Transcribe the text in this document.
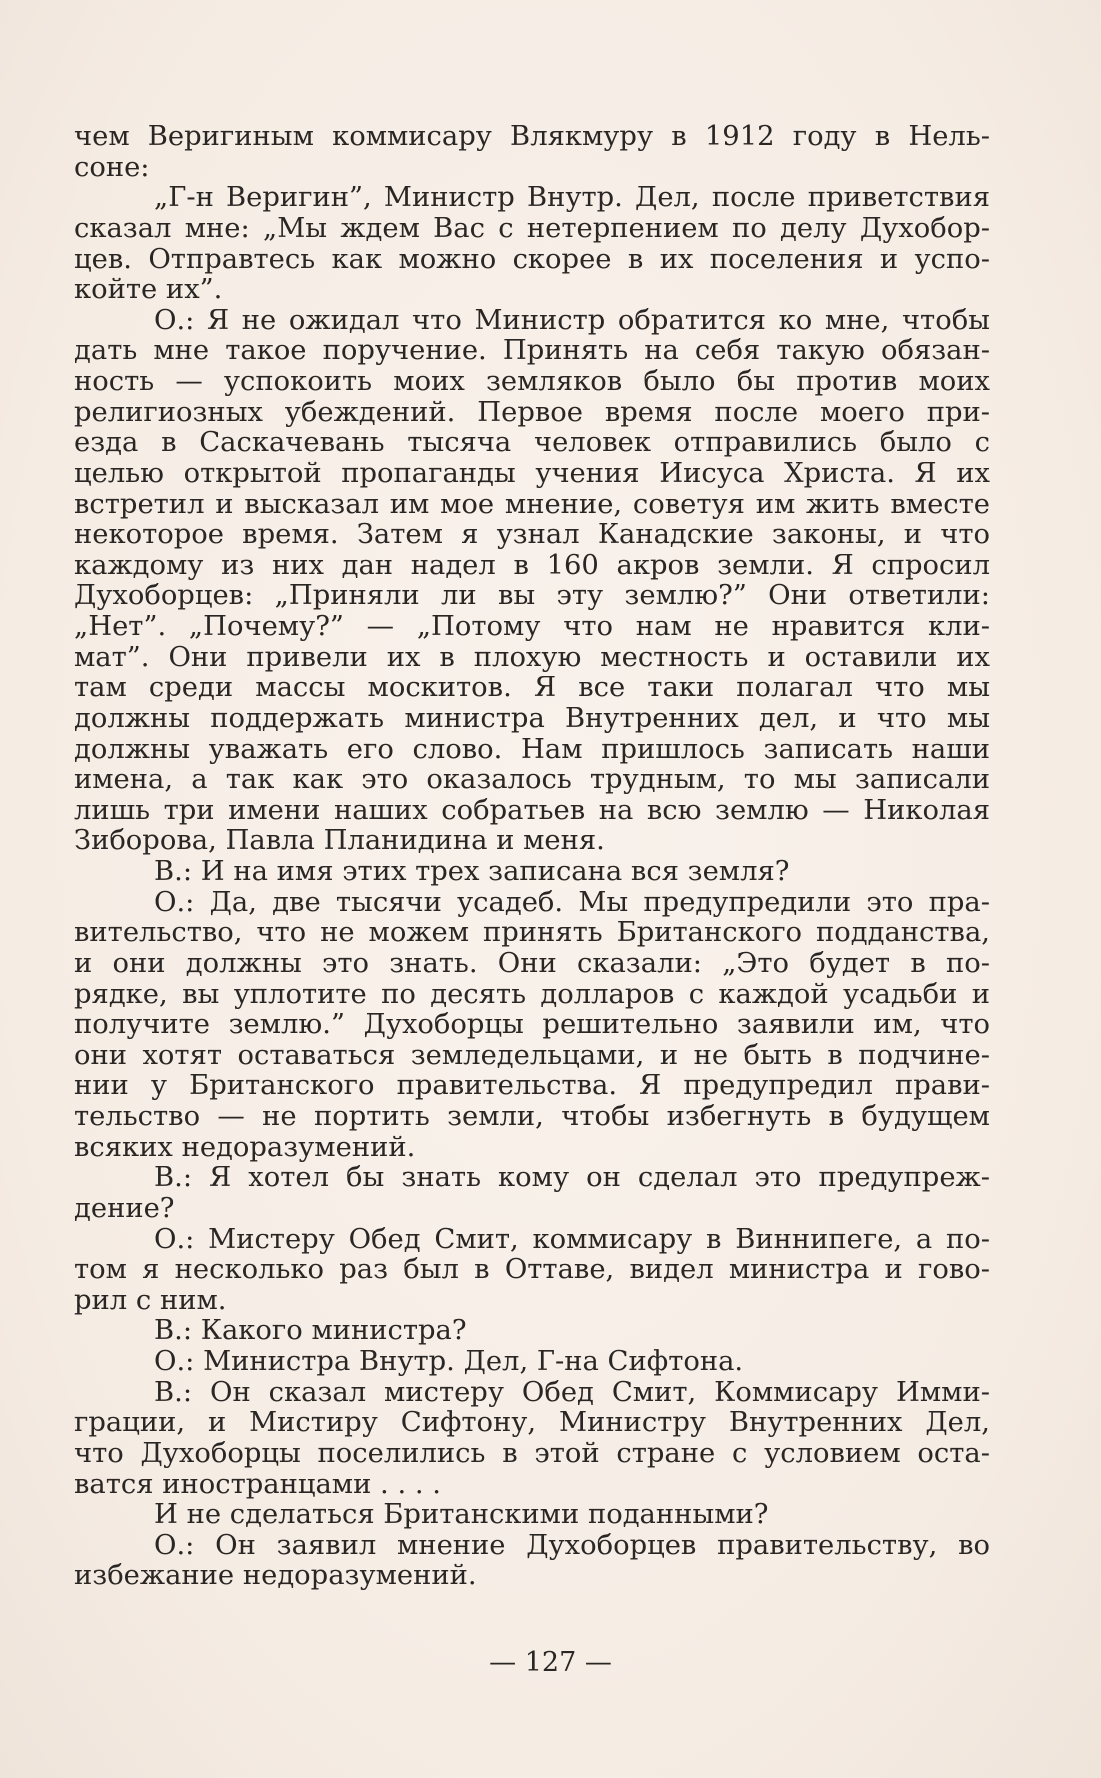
чем Веригиным коммисару Влякмуру в 1912 году в Нель-
соне:
„Г-н Веригин”, Министр Внутр. Дел, после приветствия
сказал мне: „Мы ждем Вас с нетерпением по делу Духобор-
цев. Отправтесь как можно скорее в их поселения и успо-
койте их”.
О.: Я не ожидал что Министр обратится ко мне, чтобы
дать мне такое поручение. Принять на себя такую обязан-
ность — успокоить моих земляков было бы против моих
религиозных убеждений. Первое время после моего при-
езда в Саскачевань тысяча человек отправились было с
целью открытой пропаганды учения Иисуса Христа. Я их
встретил и высказал им мое мнение, советуя им жить вместе
некоторое время. Затем я узнал Канадские законы, и что
каждому из них дан надел в 160 акров земли. Я спросил
Духоборцев: „Приняли ли вы эту землю?” Они ответили:
„Нет”. „Почему?” — „Потому что нам не нравится кли-
мат”. Они привели их в плохую местность и оставили их
там среди массы москитов. Я все таки полагал что мы
должны поддержать министра Внутренних дел, и что мы
должны уважать его слово. Нам пришлось записать наши
имена, а так как это оказалось трудным, то мы записали
лишь три имени наших собратьев на всю землю — Николая
Зиборова, Павла Планидина и меня.
В.: И на имя этих трех записана вся земля?
О.: Да, две тысячи усадеб. Мы предупредили это пра-
вительство, что не можем принять Британского подданства,
и они должны это знать. Они сказали: „Это будет в по-
рядке, вы уплотите по десять долларов с каждой усадьби и
получите землю.” Духоборцы решительно заявили им, что
они хотят оставаться земледельцами, и не быть в подчине-
нии у Британского правительства. Я предупредил прави-
тельство — не портить земли, чтобы избегнуть в будущем
всяких недоразумений.
В.: Я хотел бы знать кому он сделал это предупреж-
дение?
О.: Мистеру Обед Смит, коммисару в Виннипеге, а по-
том я несколько раз был в Оттаве, видел министра и гово-
рил с ним.
В.: Какого министра?
О.: Министра Внутр. Дел, Г-на Сифтона.
В.: Он сказал мистеру Обед Смит, Коммисару Имми-
грации, и Мистиру Сифтону, Министру Внутренних Дел,
что Духоборцы поселились в этой стране с условием оста-
ватся иностранцами . . . .
И не сделаться Британскими поданными?
О.: Он заявил мнение Духоборцев правительству, во
избежание недоразумений.
— 127 —
